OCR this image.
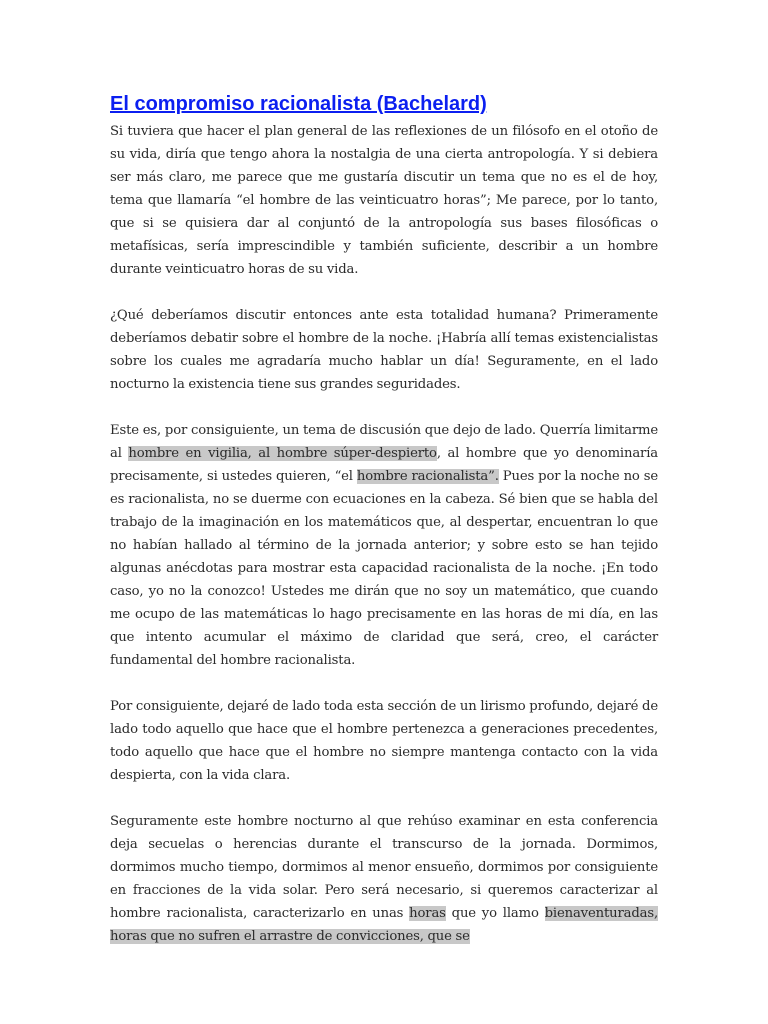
El compromiso racionalista (Bachelard)

Si tuviera que hacer el plan general de las reflexiones de un filósofo en el otoño de su vida, diría que tengo ahora la nostalgia de una cierta antropología. Y si debiera ser más claro, me parece que me gustaría discutir un tema que no es el de hoy, tema que llamaría “el hombre de las veinticuatro horas”; Me parece, por lo tanto, que si se quisiera dar al conjuntó de la antropología sus bases filosóficas o metafísicas, sería imprescindible y también suficiente, describir a un hombre durante veinticuatro horas de su vida.

¿Qué deberíamos discutir entonces ante esta totalidad humana? Primeramente deberíamos debatir sobre el hombre de la noche. ¡Habría allí temas existencialistas sobre los cuales me agradaría mucho hablar un día! Seguramente, en el lado nocturno la existencia tiene sus grandes seguridades.

Este es, por consiguiente, un tema de discusión que dejo de lado. Querría limitarme al hombre en vigilia, al hombre súper-despierto, al hombre que yo denominaría precisamente, si ustedes quieren, “el hombre racionalista”. Pues por la noche no se es racionalista, no se duerme con ecuaciones en la cabeza. Sé bien que se habla del trabajo de la imaginación en los matemáticos que, al despertar, encuentran lo que no habían hallado al término de la jornada anterior; y sobre esto se han tejido algunas anécdotas para mostrar esta capacidad racionalista de la noche. ¡En todo caso, yo no la conozco! Ustedes me dirán que no soy un matemático, que cuando me ocupo de las matemáticas lo hago precisamente en las horas de mi día, en las que intento acumular el máximo de claridad que será, creo, el carácter fundamental del hombre racionalista.

Por consiguiente, dejaré de lado toda esta sección de un lirismo profundo, dejaré de lado todo aquello que hace que el hombre pertenezca a generaciones precedentes, todo aquello que hace que el hombre no siempre mantenga contacto con la vida despierta, con la vida clara.

Seguramente este hombre nocturno al que rehúso examinar en esta conferencia deja secuelas o herencias durante el transcurso de la jornada. Dormimos, dormimos mucho tiempo, dormimos al menor ensueño, dormimos por consiguiente en fracciones de la vida solar. Pero será necesario, si queremos caracterizar al hombre racionalista, caracterizarlo en unas horas que yo llamo bienaventuradas, horas que no sufren el arrastre de convicciones, que se
